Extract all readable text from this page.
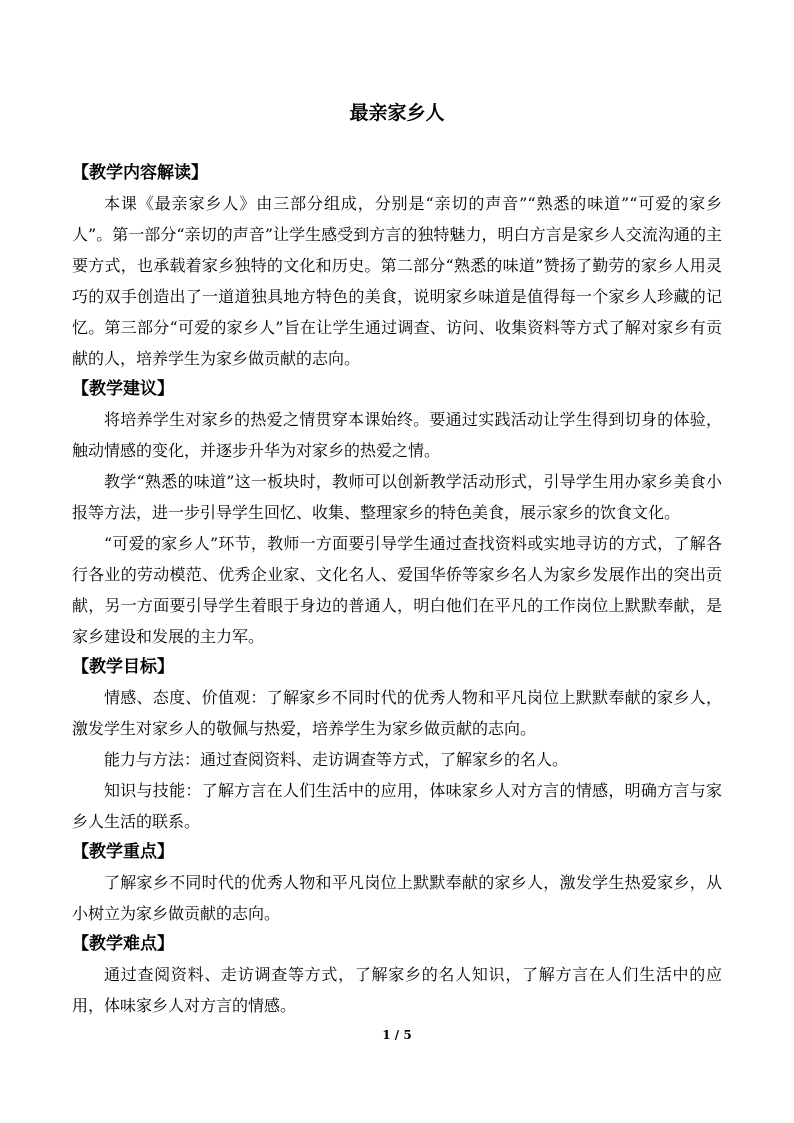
最亲家乡人
【教学内容解读】

本课《最亲家乡人》由三部分组成，分别是“亲切的声音”“熟悉的味道”“可爱的家乡人”。第一部分“亲切的声音”让学生感受到方言的独特魅力，明白方言是家乡人交流沟通的主要方式，也承载着家乡独特的文化和历史。第二部分“熟悉的味道”赞扬了勤劳的家乡人用灵巧的双手创造出了一道道独具地方特色的美食，说明家乡味道是值得每一个家乡人珍藏的记忆。第三部分“可爱的家乡人”旨在让学生通过调查、访问、收集资料等方式了解对家乡有贡献的人，培养学生为家乡做贡献的志向。

【教学建议】

将培养学生对家乡的热爱之情贯穿本课始终。要通过实践活动让学生得到切身的体验，触动情感的变化，并逐步升华为对家乡的热爱之情。

教学“熟悉的味道”这一板块时，教师可以创新教学活动形式，引导学生用办家乡美食小报等方法，进一步引导学生回忆、收集、整理家乡的特色美食，展示家乡的饮食文化。

“可爱的家乡人”环节，教师一方面要引导学生通过查找资料或实地寻访的方式，了解各行各业的劳动模范、优秀企业家、文化名人、爱国华侨等家乡名人为家乡发展作出的突出贡献，另一方面要引导学生着眼于身边的普通人，明白他们在平凡的工作岗位上默默奉献，是家乡建设和发展的主力军。

【教学目标】

情感、态度、价值观：了解家乡不同时代的优秀人物和平凡岗位上默默奉献的家乡人，激发学生对家乡人的敬佩与热爱，培养学生为家乡做贡献的志向。

能力与方法：通过查阅资料、走访调查等方式，了解家乡的名人。

知识与技能：了解方言在人们生活中的应用，体味家乡人对方言的情感，明确方言与家乡人生活的联系。

【教学重点】

了解家乡不同时代的优秀人物和平凡岗位上默默奉献的家乡人，激发学生热爱家乡，从小树立为家乡做贡献的志向。

【教学难点】

通过查阅资料、走访调查等方式，了解家乡的名人知识，了解方言在人们生活中的应用，体味家乡人对方言的情感。

1 / 5
